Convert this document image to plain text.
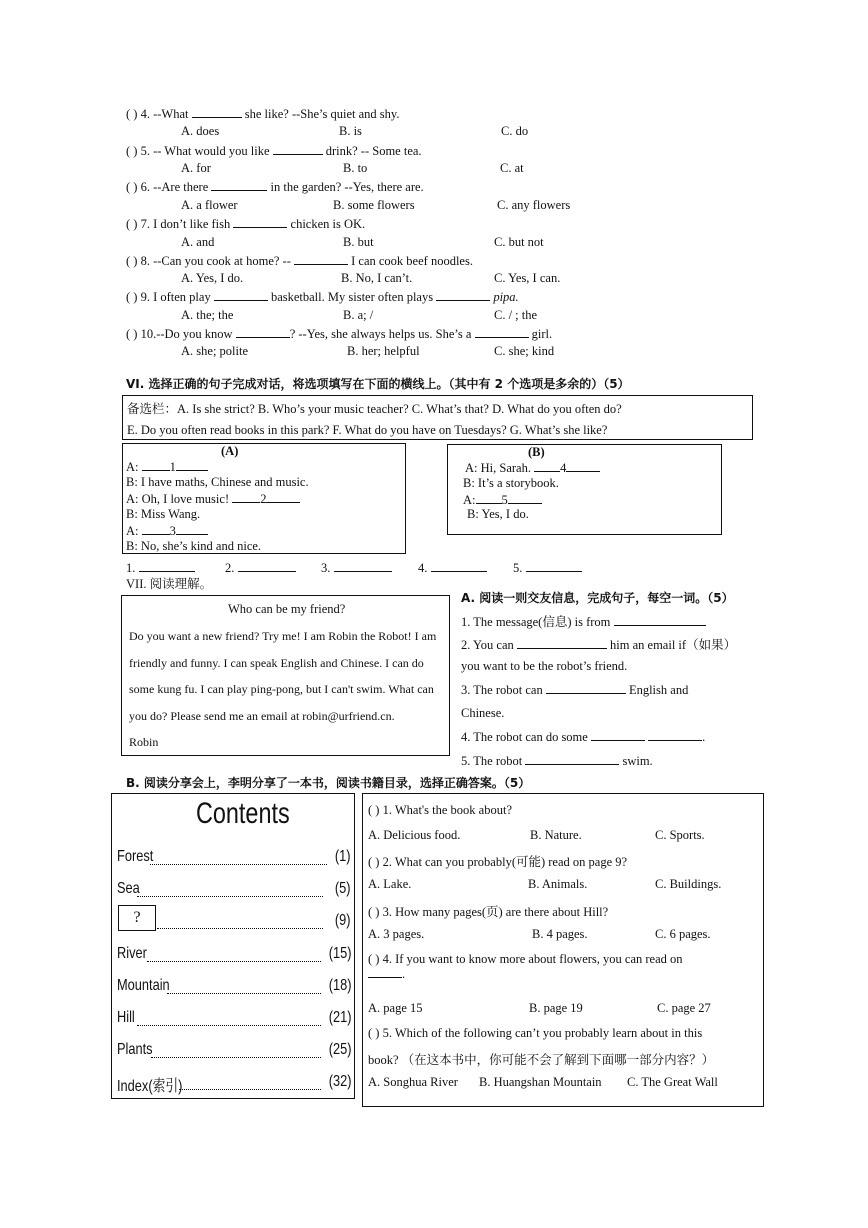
( ) 4. --What	she like? --She’s quiet and shy.
A. does	B. is	C. do
( ) 5. -- What would you like	drink? -- Some tea.
A. for	B. to	C. at
( ) 6. --Are there	in the garden? --Yes, there are.
A. a flower	B. some flowers	C. any flowers
( ) 7. I don’t like fish	chicken is OK.
A. and	B. but	C. but not
( ) 8. --Can you cook at home? --	I can cook beef noodles.
A. Yes, I do.	B. No, I can’t.	C. Yes, I can.
( ) 9. I often play	basketball. My sister often plays	pipa.
A. the; the	B. a; /	C. / ; the
( ) 10.--Do you know	? --Yes, she always helps us. She’s a	girl.
A. she; polite	B. her; helpful	C. she; kind
VI. 选择正确的句子完成对话，将选项填写在下面的横线上。（其中有 2 个选项是多余的）（5）
备选栏：A. Is she strict? B. Who’s your music teacher? C. What’s that? D. What do you often do?
E. Do you often read books in this park? F. What do you have on Tuesdays? G. What’s she like?
(A)
A: 1
B: I have maths, Chinese and music.
A: Oh, I love music! 2
B: Miss Wang.
A: 3
B: No, she’s kind and nice.
(B)
A: Hi, Sarah. 4
B: It’s a storybook.
A: 5
B: Yes, I do.
1.	2.	3.	4.	5.
VII. 阅读理解。
Who can be my friend?
Do you want a new friend? Try me! I am Robin the Robot! I am
friendly and funny. I can speak English and Chinese. I can do
some kung fu. I can play ping-pong, but I can't swim. What can
you do? Please send me an email at robin@urfriend.cn.
Robin
A. 阅读一则交友信息，完成句子，每空一词。（5）
1. The message(信息) is from
2. You can	him an email if（如果）
you want to be the robot’s friend.
3. The robot can	English and
Chinese.
4. The robot can do some	.
5. The robot	swim.
B. 阅读分享会上，李明分享了一本书，阅读书籍目录，选择正确答案。（5）
Contents
Forest	(1)
Sea	(5)
?	(9)
River	(15)
Mountain	(18)
Hill	(21)
Plants	(25)
Index(索引)	(32)
( ) 1. What's the book about?
A. Delicious food.	B. Nature.	C. Sports.
( ) 2. What can you probably(可能) read on page 9?
A. Lake.	B. Animals.	C. Buildings.
( ) 3. How many pages(页) are there about Hill?
A. 3 pages.	B. 4 pages.	C. 6 pages.
( ) 4. If you want to know more about flowers, you can read on
.
A. page 15	B. page 19	C. page 27
( ) 5. Which of the following can’t you probably learn about in this
book? （在这本书中，你可能不会了解到下面哪一部分内容？）
A. Songhua River B. Huangshan Mountain C. The Great Wall
